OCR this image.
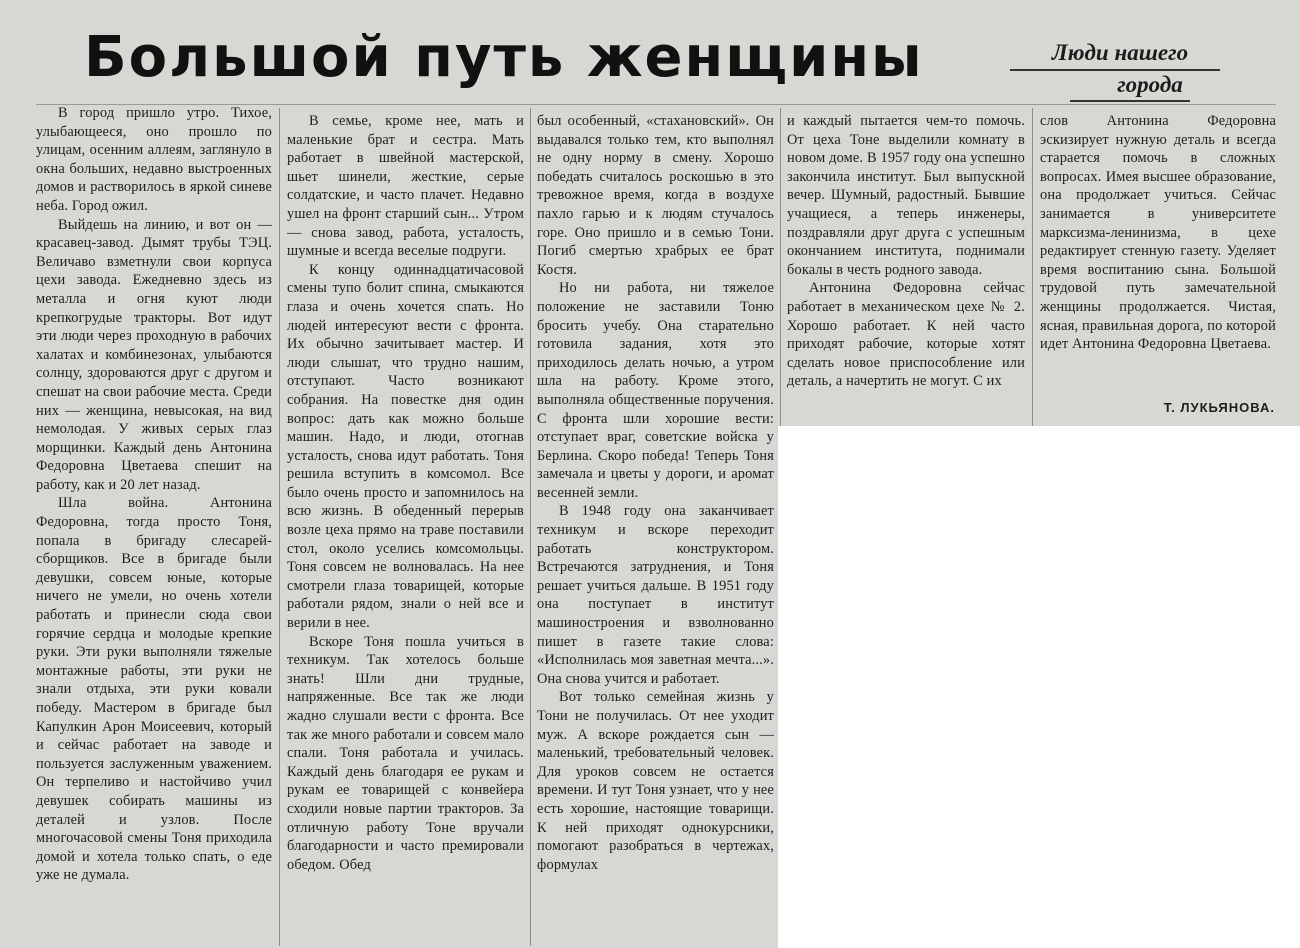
Большой путь женщины	Люди нашего
города

В город пришло утро. Тихое, улыбающееся, оно прошло по улицам, осенним аллеям, заглянуло в окна больших, недавно выстроенных домов и растворилось в яркой синеве неба. Город ожил.

Выйдешь на линию, и вот он — красавец-завод. Дымят трубы ТЭЦ. Величаво взметнули свои корпуса цехи завода. Ежедневно здесь из металла и огня куют люди крепкогрудые тракторы. Вот идут эти люди через проходную в рабочих халатах и комбинезонах, улыбаются солнцу, здороваются друг с другом и спешат на свои рабочие места. Среди них — женщина, невысокая, на вид немолодая. У живых серых глаз морщинки. Каждый день Антонина Федоровна Цветаева спешит на работу, как и 20 лет назад.

Шла война. Антонина Федоровна, тогда просто Тоня, попала в бригаду слесарей-сборщиков. Все в бригаде были девушки, совсем юные, которые ничего не умели, но очень хотели работать и принесли сюда свои горячие сердца и молодые крепкие руки. Эти руки выполняли тяжелые монтажные работы, эти руки не знали отдыха, эти руки ковали победу. Мастером в бригаде был Капулкин Арон Моисеевич, который и сейчас работает на заводе и пользуется заслуженным уважением. Он терпеливо и настойчиво учил девушек собирать машины из деталей и узлов. После многочасовой смены Тоня приходила домой и хотела только спать, о еде уже не думала.

В семье, кроме нее, мать и маленькие брат и сестра. Мать работает в швейной мастерской, шьет шинели, жесткие, серые солдатские, и часто плачет. Недавно ушел на фронт старший сын... Утром — снова завод, работа, усталость, шумные и всегда веселые подруги.

К концу одиннадцатичасовой смены тупо болит спина, смыкаются глаза и очень хочется спать. Но людей интересуют вести с фронта. Их обычно зачитывает мастер. И люди слышат, что трудно нашим, отступают. Часто возникают собрания. На повестке дня один вопрос: дать как можно больше машин. Надо, и люди, отогнав усталость, снова идут работать. Тоня решила вступить в комсомол. Все было очень просто и запомнилось на всю жизнь. В обеденный перерыв возле цеха прямо на траве поставили стол, около уселись комсомольцы. Тоня совсем не волновалась. На нее смотрели глаза товарищей, которые работали рядом, знали о ней все и верили в нее.

Вскоре Тоня пошла учиться в техникум. Так хотелось больше знать! Шли дни трудные, напряженные. Все так же люди жадно слушали вести с фронта. Все так же много работали и совсем мало спали. Тоня работала и училась. Каждый день благодаря ее рукам и рукам ее товарищей с конвейера сходили новые партии тракторов. За отличную работу Тоне вручали благодарности и часто премировали обедом. Обед

был особенный, «стахановский». Он выдавался только тем, кто выполнял не одну норму в смену. Хорошо победать считалось роскошью в это тревожное время, когда в воздухе пахло гарью и к людям стучалось горе. Оно пришло и в семью Тони. Погиб смертью храбрых ее брат Костя.

Но ни работа, ни тяжелое положение не заставили Тоню бросить учебу. Она старательно готовила задания, хотя это приходилось делать ночью, а утром шла на работу. Кроме этого, выполняла общественные поручения. С фронта шли хорошие вести: отступает враг, советские войска у Берлина. Скоро победа! Теперь Тоня замечала и цветы у дороги, и аромат весенней земли.

В 1948 году она заканчивает техникум и вскоре переходит работать конструктором. Встречаются затруднения, и Тоня решает учиться дальше. В 1951 году она поступает в институт машиностроения и взволнованно пишет в газете такие слова: «Исполнилась моя заветная мечта...». Она снова учится и работает.

Вот только семейная жизнь у Тони не получилась. От нее уходит муж. А вскоре рождается сын — маленький, требовательный человек. Для уроков совсем не остается времени. И тут Тоня узнает, что у нее есть хорошие, настоящие товарищи. К ней приходят однокурсники, помогают разобраться в чертежах, формулах

и каждый пытается чем-то помочь. От цеха Тоне выделили комнату в новом доме. В 1957 году она успешно закончила институт. Был выпускной вечер. Шумный, радостный. Бывшие учащиеся, а теперь инженеры, поздравляли друг друга с успешным окончанием института, поднимали бокалы в честь родного завода.

Антонина Федоровна сейчас работает в механическом цехе № 2. Хорошо работает. К ней часто приходят рабочие, которые хотят сделать новое приспособление или деталь, а начертить не могут. С их

слов Антонина Федоровна эскизирует нужную деталь и всегда старается помочь в сложных вопросах. Имея высшее образование, она продолжает учиться. Сейчас занимается в университете марксизма-ленинизма, в цехе редактирует стенную газету. Уделяет время воспитанию сына. Большой трудовой путь замечательной женщины продолжается. Чистая, ясная, правильная дорога, по которой идет Антонина Федоровна Цветаева.

Т. ЛУКЬЯНОВА.
